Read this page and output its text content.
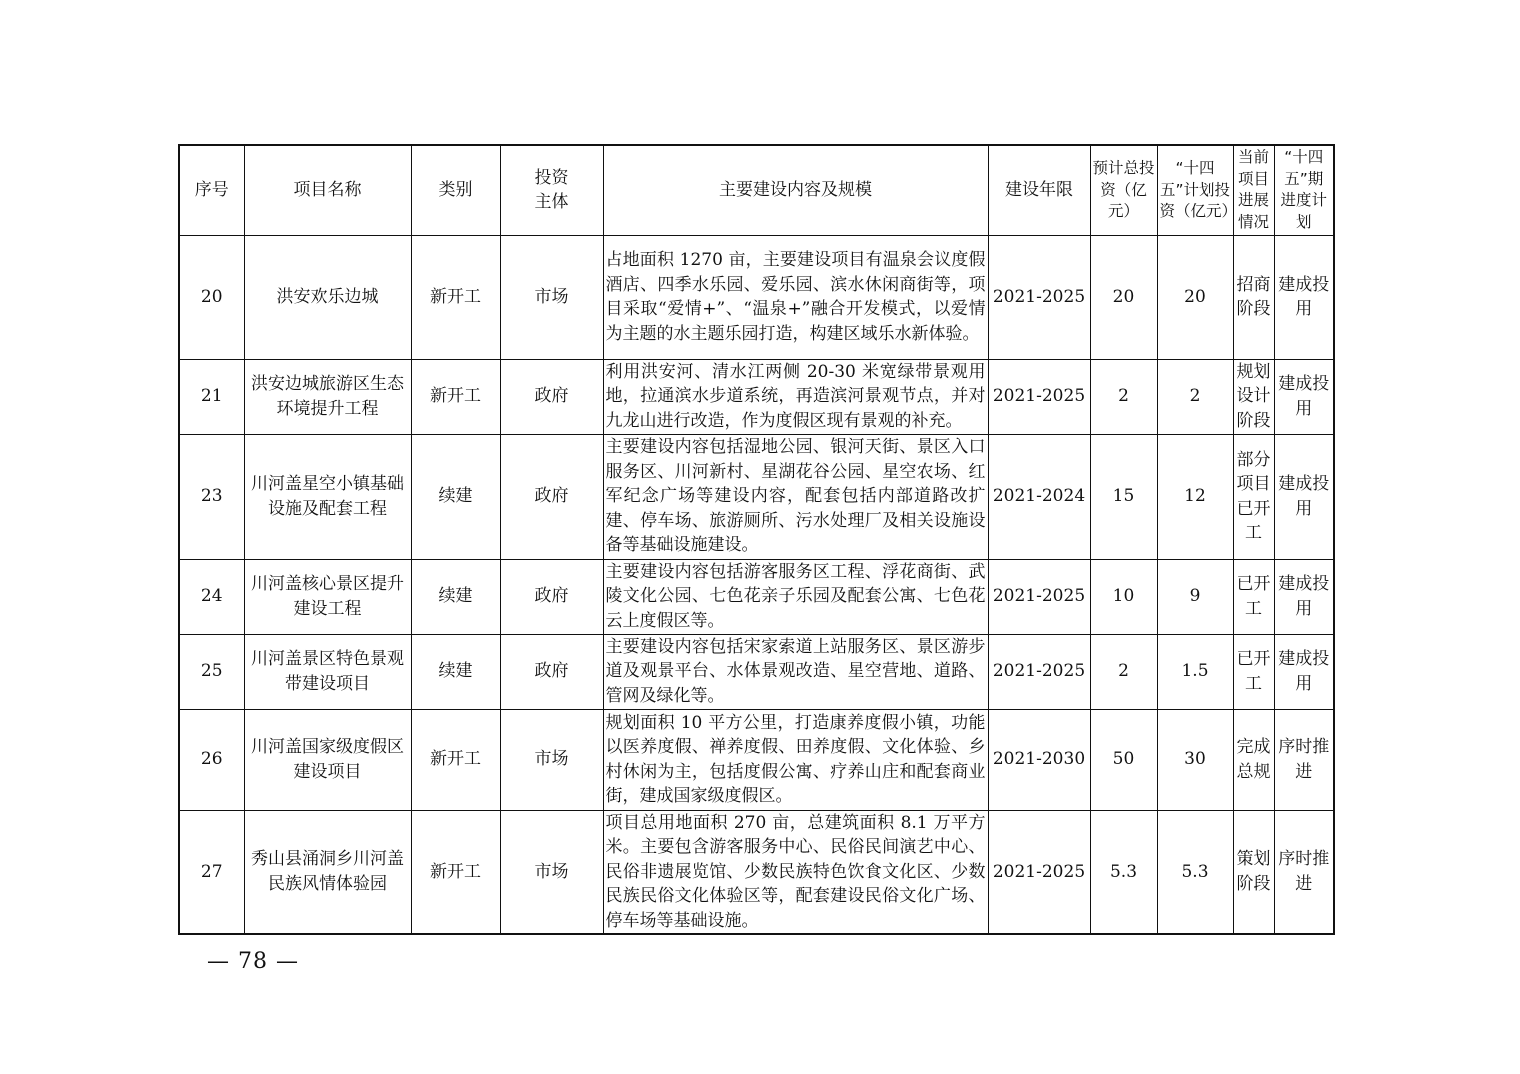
序号	项目名称	类别	投资主体	主要建设内容及规模	建设年限	预计总投资（亿元）	“十四五”计划投资（亿元）	当前项目进展情况	“十四五”期进度计划
20	洪安欢乐边城	新开工	市场	占地面积 1270 亩，主要建设项目有温泉会议度假酒店、四季水乐园、爱乐园、滨水休闲商街等，项目采取“爱情+”、“温泉+”融合开发模式，以爱情为主题的水主题乐园打造，构建区域乐水新体验。	2021-2025	20	20	招商阶段	建成投用
21	洪安边城旅游区生态环境提升工程	新开工	政府	利用洪安河、清水江两侧 20-30 米宽绿带景观用地，拉通滨水步道系统，再造滨河景观节点，并对九龙山进行改造，作为度假区现有景观的补充。	2021-2025	2	2	规划设计阶段	建成投用
23	川河盖星空小镇基础设施及配套工程	续建	政府	主要建设内容包括湿地公园、银河天街、景区入口服务区、川河新村、星湖花谷公园、星空农场、红军纪念广场等建设内容，配套包括内部道路改扩建、停车场、旅游厕所、污水处理厂及相关设施设备等基础设施建设。	2021-2024	15	12	部分项目已开工	建成投用
24	川河盖核心景区提升建设工程	续建	政府	主要建设内容包括游客服务区工程、浮花商街、武陵文化公园、七色花亲子乐园及配套公寓、七色花云上度假区等。	2021-2025	10	9	已开工	建成投用
25	川河盖景区特色景观带建设项目	续建	政府	主要建设内容包括宋家索道上站服务区、景区游步道及观景平台、水体景观改造、星空营地、道路、管网及绿化等。	2021-2025	2	1.5	已开工	建成投用
26	川河盖国家级度假区建设项目	新开工	市场	规划面积 10 平方公里，打造康养度假小镇，功能以医养度假、禅养度假、田养度假、文化体验、乡村休闲为主，包括度假公寓、疗养山庄和配套商业街，建成国家级度假区。	2021-2030	50	30	完成总规	序时推进
27	秀山县涌洞乡川河盖民族风情体验园	新开工	市场	项目总用地面积 270 亩，总建筑面积 8.1 万平方米。主要包含游客服务中心、民俗民间演艺中心、民俗非遗展览馆、少数民族特色饮食文化区、少数民族民俗文化体验区等，配套建设民俗文化广场、停车场等基础设施。	2021-2025	5.3	5.3	策划阶段	序时推进
— 78 —
